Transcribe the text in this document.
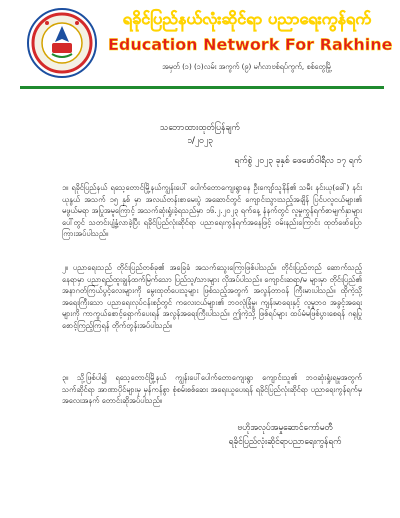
ရခိုင်ပြည်နယ်လုံးဆိုင်ရာ ပညာရေးကွန်ရက်
Education Network For Rakhine
အမှတ် (၁) (၁)လမ်း အကွက် (၉) မင်္ဂလာဗစ်ရပ်ကွက်, စစ်တွေမြို့
သဘောထားထုတ်ပြန်ချက်
၁/၂၀၂၃
ရက်စွဲ ၂၀၂၃ ခုနှစ် ဖေဖော်ဝါရီလ ၁၇ ရက်
၁။ ရခိုင်ပြည်နယ် ရသေ့တောင်မြို့နယ်ကျွန်းပေါ် ပေါက်တောကျေးရွာနေ ဦးကျော်သူနိန်၏ သမီး နင်းယု(ခေါ်) နင်းယုနွယ် အသက် ၁၅ နှစ် မှာ အလယ်တန်းစာမေးပွဲ အဆောင်တွင် ကျောင်းသွားသည့်အချိန် ပြင်ပလူငယ်များ၏ မဖွယ်မရာ အပြုအမူကြောင့် အသက်ဆုံးရှုံးခဲ့ရသည်မှာ ၁၆.၂.၂၀၂၃ ရက်နေ့ နံနက်တွင် လူမှုကွန်ရက်စာမျက်နှာများပေါ်တွင် သတင်းပျံ့နှံ့လာခဲ့ပြီး ရခိုင်ပြည်လုံးဆိုင်ရာ ပညာရေးကွန်ရက်အနေဖြင့် ဝမ်းနည်းကြောင်း ထုတ်ဖော်ပြောကြားအပ်ပါသည်။
၂။ ပညာရေးသည် တိုင်းပြည်တစ်ခု၏ အခြေခံ အသက်သွေးကြောဖြစ်ပါသည်။ တိုင်းပြည်တည် ဆောက်သည့် နေရာမှာ ပညာရည်ထူးချွန်ထက်မြက်သော ပြည်သူ/သားများ လိုအပ်ပါသည်။ ကျောင်းဆရာ/မ များမှာ တိုင်းပြည်၏ အနာဂတ်ကြယ်ပွင့်လေးများကို မွေးထုတ်ပေးသူများ ဖြစ်သည့်အတွက် အလွန်တာဝန် ကြီးမားပါသည်။ ထိုကဲ့သို့ အရေးကြီးသော ပညာရေးလုပ်ငန်းစဉ်တွင် ကလေးငယ်များ၏ ဘဝလုံခြုံမှု၊ ကျန်းမာရေးနှင့် လူမှုဘဝ အခွင့်အရေးများကို ကာကွယ်စောင့်ရှောက်ပေးရန် အလွန်အရေးကြီးပါသည်။ ဤကဲ့သို့ ဖြစ်ရပ်များ ထပ်မံမဖြစ်ပွားစေရန် ဂရုပြုစောင့်ကြည့်ကြရန် တိုက်တွန်းအပ်ပါသည်။
၃။ သို့ဖြစ်ပါ၍ ရသေ့တောင်မြို့နယ် ကျွန်းပေါ်ပေါက်တောကျေးရွာ ကျောင်းသူ၏ ဘဝဆုံးရှုံးရမှုအတွက် သက်ဆိုင်ရာ အာဏာပိုင်များမှ မှန်ကန်စွာ စုံစမ်းစစ်ဆေး အရေးယူပေးရန် ရခိုင်ပြည်လုံးဆိုင်ရာ ပညာရေးကွန်ရက်မှ အလေးအနက် တောင်းဆိုအပ်ပါသည်။
ဗဟိုအလုပ်အမှုဆောင်ကော်မတီ
ရခိုင်ပြည်လုံးဆိုင်ရာပညာရေးကွန်ရက်
